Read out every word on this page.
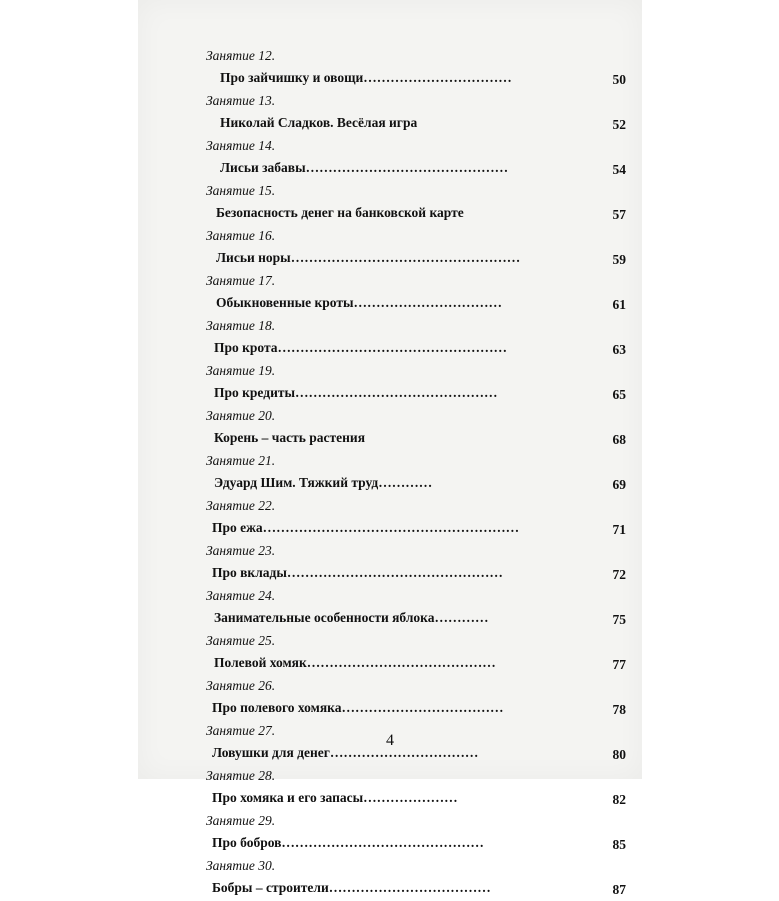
Занятие 12.
Про зайчишку и овощи……………………………	50
Занятие 13.
Николай Сладков. Весёлая игра	52
Занятие 14.
Лисьи забавы………………………………………	54
Занятие 15.
Безопасность денег на банковской карте	57
Занятие 16.
Лисьи норы……………………………………………	59
Занятие 17.
Обыкновенные кроты……………………………	61
Занятие 18.
Про крота……………………………………………	63
Занятие 19.
Про кредиты………………………………………	65
Занятие 20.
Корень – часть растения	68
Занятие 21.
Эдуард Шим. Тяжкий труд…………	69
Занятие 22.
Про ежа…………………………………………………	71
Занятие 23.
Про вклады…………………………………………	72
Занятие 24.
Занимательные особенности яблока…………	75
Занятие 25.
Полевой хомяк……………………………………	77
Занятие 26.
Про полевого хомяка………………………………	78
Занятие 27.
Ловушки для денег……………………………	80
Занятие 28.
Про хомяка и его запасы…………………	82
Занятие 29.
Про бобров………………………………………	85
Занятие 30.
Бобры – строители………………………………	87
4
